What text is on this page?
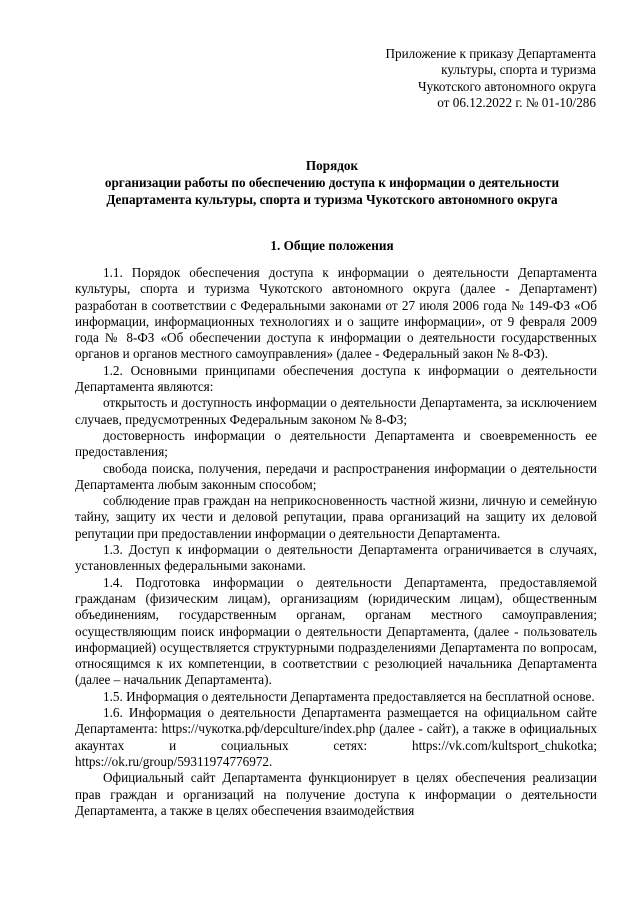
Приложение к приказу Департамента
культуры, спорта и туризма
Чукотского автономного округа
от 06.12.2022 г. № 01-10/286
Порядок
организации работы по обеспечению доступа к информации о деятельности
Департамента культуры, спорта и туризма Чукотского автономного округа
1. Общие положения

1.1. Порядок обеспечения доступа к информации о деятельности Департамента культуры, спорта и туризма Чукотского автономного округа (далее - Департамент) разработан в соответствии с Федеральными законами от 27 июля 2006 года № 149-ФЗ «Об информации, информационных технологиях и о защите информации», от 9 февраля 2009 года № 8-ФЗ «Об обеспечении доступа к информации о деятельности государственных органов и органов местного самоуправления» (далее - Федеральный закон № 8-ФЗ).

1.2. Основными принципами обеспечения доступа к информации о деятельности Департамента являются:

открытость и доступность информации о деятельности Департамента, за исключением случаев, предусмотренных Федеральным законом № 8-ФЗ;

достоверность информации о деятельности Департамента и своевременность ее предоставления;

свобода поиска, получения, передачи и распространения информации о деятельности Департамента любым законным способом;

соблюдение прав граждан на неприкосновенность частной жизни, личную и семейную тайну, защиту их чести и деловой репутации, права организаций на защиту их деловой репутации при предоставлении информации о деятельности Департамента.

1.3. Доступ к информации о деятельности Департамента ограничивается в случаях, установленных федеральными законами.

1.4. Подготовка информации о деятельности Департамента, предоставляемой гражданам (физическим лицам), организациям (юридическим лицам), общественным объединениям, государственным органам, органам местного самоуправления; осуществляющим поиск информации о деятельности Департамента, (далее - пользователь информацией) осуществляется структурными подразделениями Департамента по вопросам, относящимся к их компетенции, в соответствии с резолюцией начальника Департамента (далее – начальник Департамента).

1.5. Информация о деятельности Департамента предоставляется на бесплатной основе.

1.6. Информация о деятельности Департамента размещается на официальном сайте Департамента: https://чукотка.рф/depculture/index.php (далее - сайт), а также в официальных акаунтах и социальных сетях: https://vk.com/kultsport_chukotka; https://ok.ru/group/59311974776972.

Официальный сайт Департамента функционирует в целях обеспечения реализации прав граждан и организаций на получение доступа к информации о деятельности Департамента, а также в целях обеспечения взаимодействия
